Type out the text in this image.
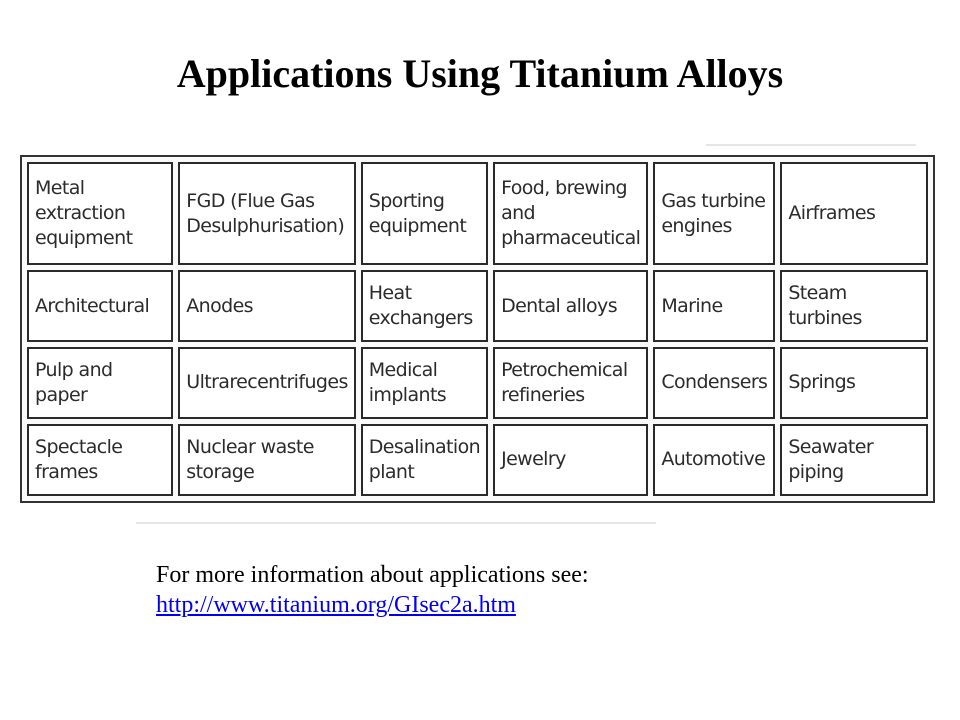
Applications Using Titanium Alloys
Metal
extraction
equipment	FGD (Flue Gas
Desulphurisation)	Sporting
equipment	Food, brewing
and
pharmaceutical	Gas turbine
engines	Airframes
Architectural	Anodes	Heat
exchangers	Dental alloys	Marine	Steam turbines
Pulp and paper	Ultrarecentrifuges	Medical
implants	Petrochemical
refineries	Condensers	Springs
Spectacle
frames	Nuclear waste
storage	Desalination
plant	Jewelry	Automotive	Seawater piping
For more information about applications see:
http://www.titanium.org/GIsec2a.htm
